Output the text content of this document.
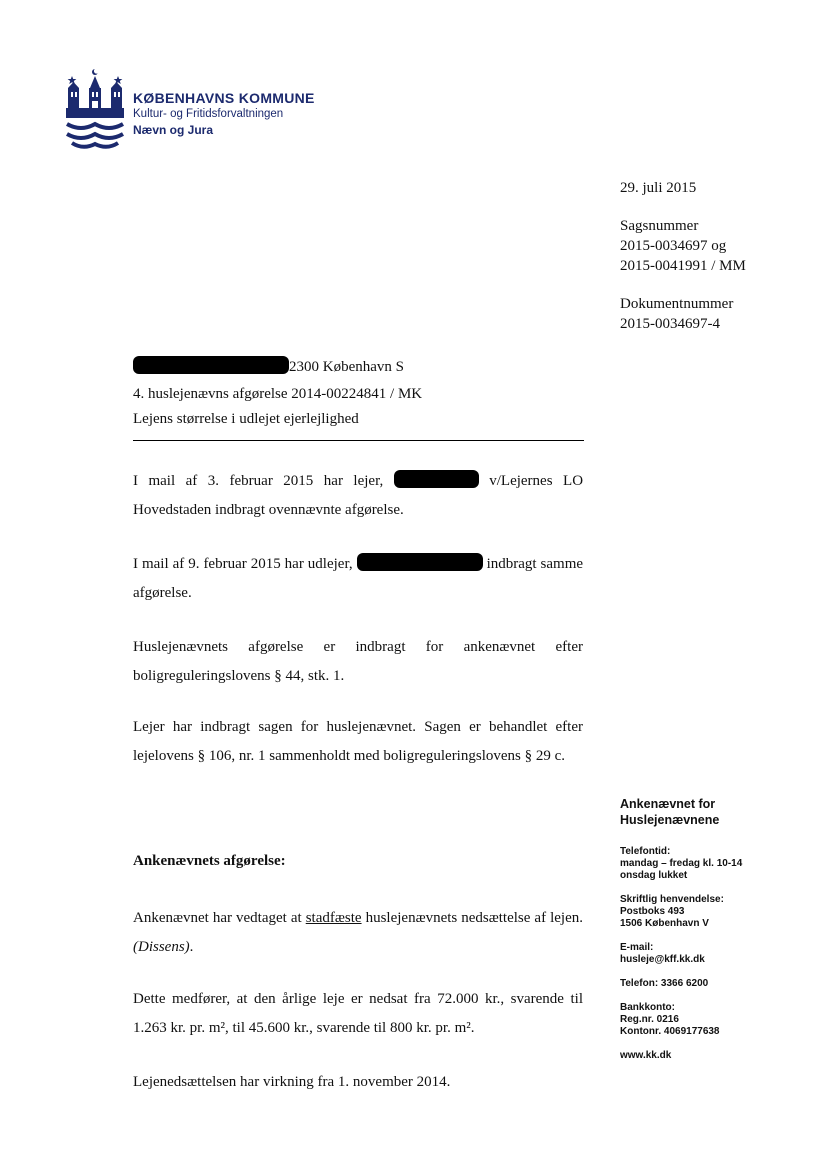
KØBENHAVNS KOMMUNE
Kultur- og Fritidsforvaltningen
Nævn og Jura
29. juli 2015
Sagsnummer
2015-0034697 og
2015-0041991 / MM
Dokumentnummer
2015-0034697-4
2300 København S
4. huslejenævns afgørelse 2014-00224841 / MK
Lejens størrelse i udlejet ejerlejlighed
I mail af 3. februar 2015 har lejer,	v/Lejernes LO Hovedstaden indbragt ovennævnte afgørelse.
I mail af 9. februar 2015 har udlejer,	indbragt samme afgørelse.
Huslejenævnets afgørelse er indbragt for ankenævnet efter boligreguleringslovens § 44, stk. 1.
Lejer har indbragt sagen for huslejenævnet. Sagen er behandlet efter lejelovens § 106, nr. 1 sammenholdt med boligreguleringslovens § 29 c.
Ankenævnets afgørelse:
Ankenævnet har vedtaget at stadfæste huslejenævnets nedsættelse af lejen. (Dissens).
Dette medfører, at den årlige leje er nedsat fra 72.000 kr., svarende til 1.263 kr. pr. m², til 45.600 kr., svarende til 800 kr. pr. m².
Lejenedsættelsen har virkning fra 1. november 2014.
Ankenævnet for
Huslejenævnene
Telefontid:
mandag – fredag kl. 10-14
onsdag lukket
Skriftlig henvendelse:
Postboks 493
1506 København V
E-mail:
husleje@kff.kk.dk
Telefon: 3366 6200
Bankkonto:
Reg.nr. 0216
Kontonr. 4069177638
www.kk.dk
